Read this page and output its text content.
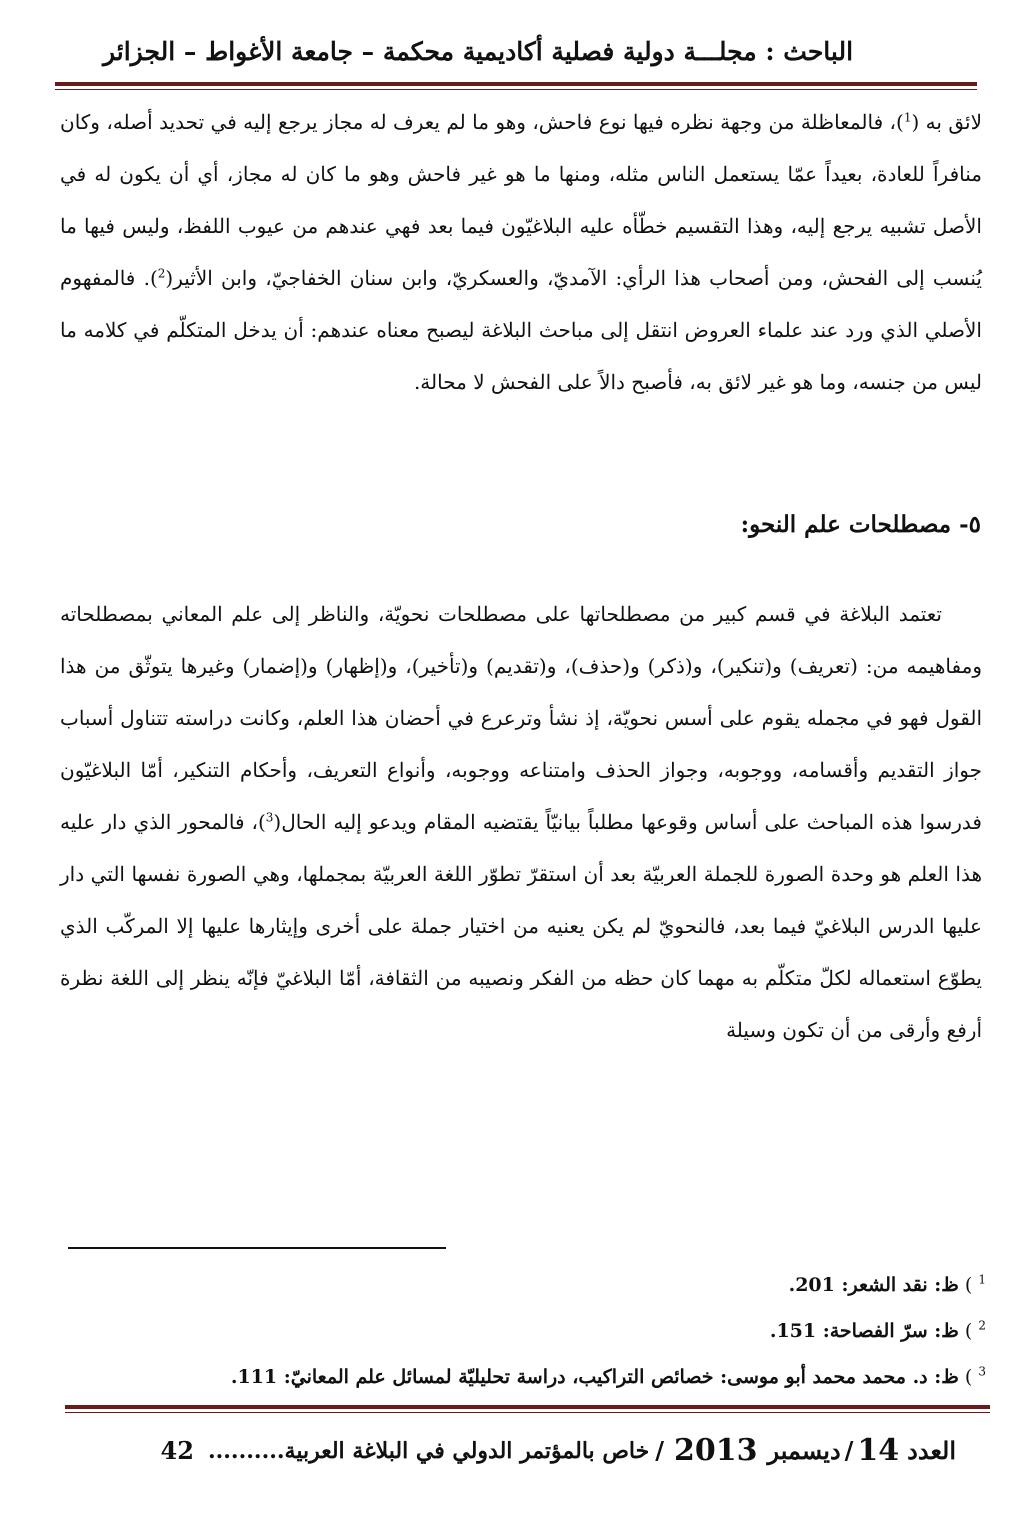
الباحث : مجلـــة دولية فصلية أكاديمية محكمة – جامعة الأغواط – الجزائر

لائق به ($^1$)، فالمعاظلة من وجهة نظره فيها نوع فاحش، وهو ما لم يعرف له مجاز يرجع إليه في تحديد أصله، وكان منافراً للعادة، بعيداً عمّا يستعمل الناس مثله، ومنها ما هو غير فاحش وهو ما كان له مجاز، أي أن يكون له في الأصل تشبيه يرجع إليه، وهذا التقسيم خطّأه عليه البلاغيّون فيما بعد فهي عندهم من عيوب اللفظ، وليس فيها ما يُنسب إلى الفحش، ومن أصحاب هذا الرأي: الآمديّ، والعسكريّ، وابن سنان الخفاجيّ، وابن الأثير($^2$). فالمفهوم الأصلي الذي ورد عند علماء العروض انتقل إلى مباحث البلاغة ليصبح معناه عندهم: أن يدخل المتكلّم في كلامه ما ليس من جنسه، وما هو غير لائق به، فأصبح دالاً على الفحش لا محالة.

٥- مصطلحات علم النحو:

تعتمد البلاغة في قسم كبير من مصطلحاتها على مصطلحات نحويّة، والناظر إلى علم المعاني بمصطلحاته ومفاهيمه من: (تعريف) و(تنكير)، و(ذكر) و(حذف)، و(تقديم) و(تأخير)، و(إظهار) و(إضمار) وغيرها يتوثّق من هذا القول فهو في مجمله يقوم على أسس نحويّة، إذ نشأ وترعرع في أحضان هذا العلم، وكانت دراسته تتناول أسباب جواز التقديم وأقسامه، ووجوبه، وجواز الحذف وامتناعه ووجوبه، وأنواع التعريف، وأحكام التنكير، أمّا البلاغيّون فدرسوا هذه المباحث على أساس وقوعها مطلباً بيانيّاً يقتضيه المقام ويدعو إليه الحال($^3$)، فالمحور الذي دار عليه هذا العلم هو وحدة الصورة للجملة العربيّة بعد أن استقرّ تطوّر اللغة العربيّة بمجملها، وهي الصورة نفسها التي دار عليها الدرس البلاغيّ فيما بعد، فالنحويّ لم يكن يعنيه من اختيار جملة على أخرى وإيثارها عليها إلا المركّب الذي يطوّع استعماله لكلّ متكلّم به مهما كان حظه من الفكر ونصيبه من الثقافة، أمّا البلاغيّ فإنّه ينظر إلى اللغة نظرة أرفع وأرقى من أن تكون وسيلة

$^1$ ) ظ: نقد الشعر: 201.
$^2$ ) ظ: سرّ الفصاحة: 151.
$^3$ ) ظ: د. محمد محمد أبو موسى: خصائص التراكيب، دراسة تحليليّة لمسائل علم المعانيّ: 111.
العدد
14
/
ديسمبر
2013
/
خاص بالمؤتمر الدولي في البلاغة العربية..........
42
